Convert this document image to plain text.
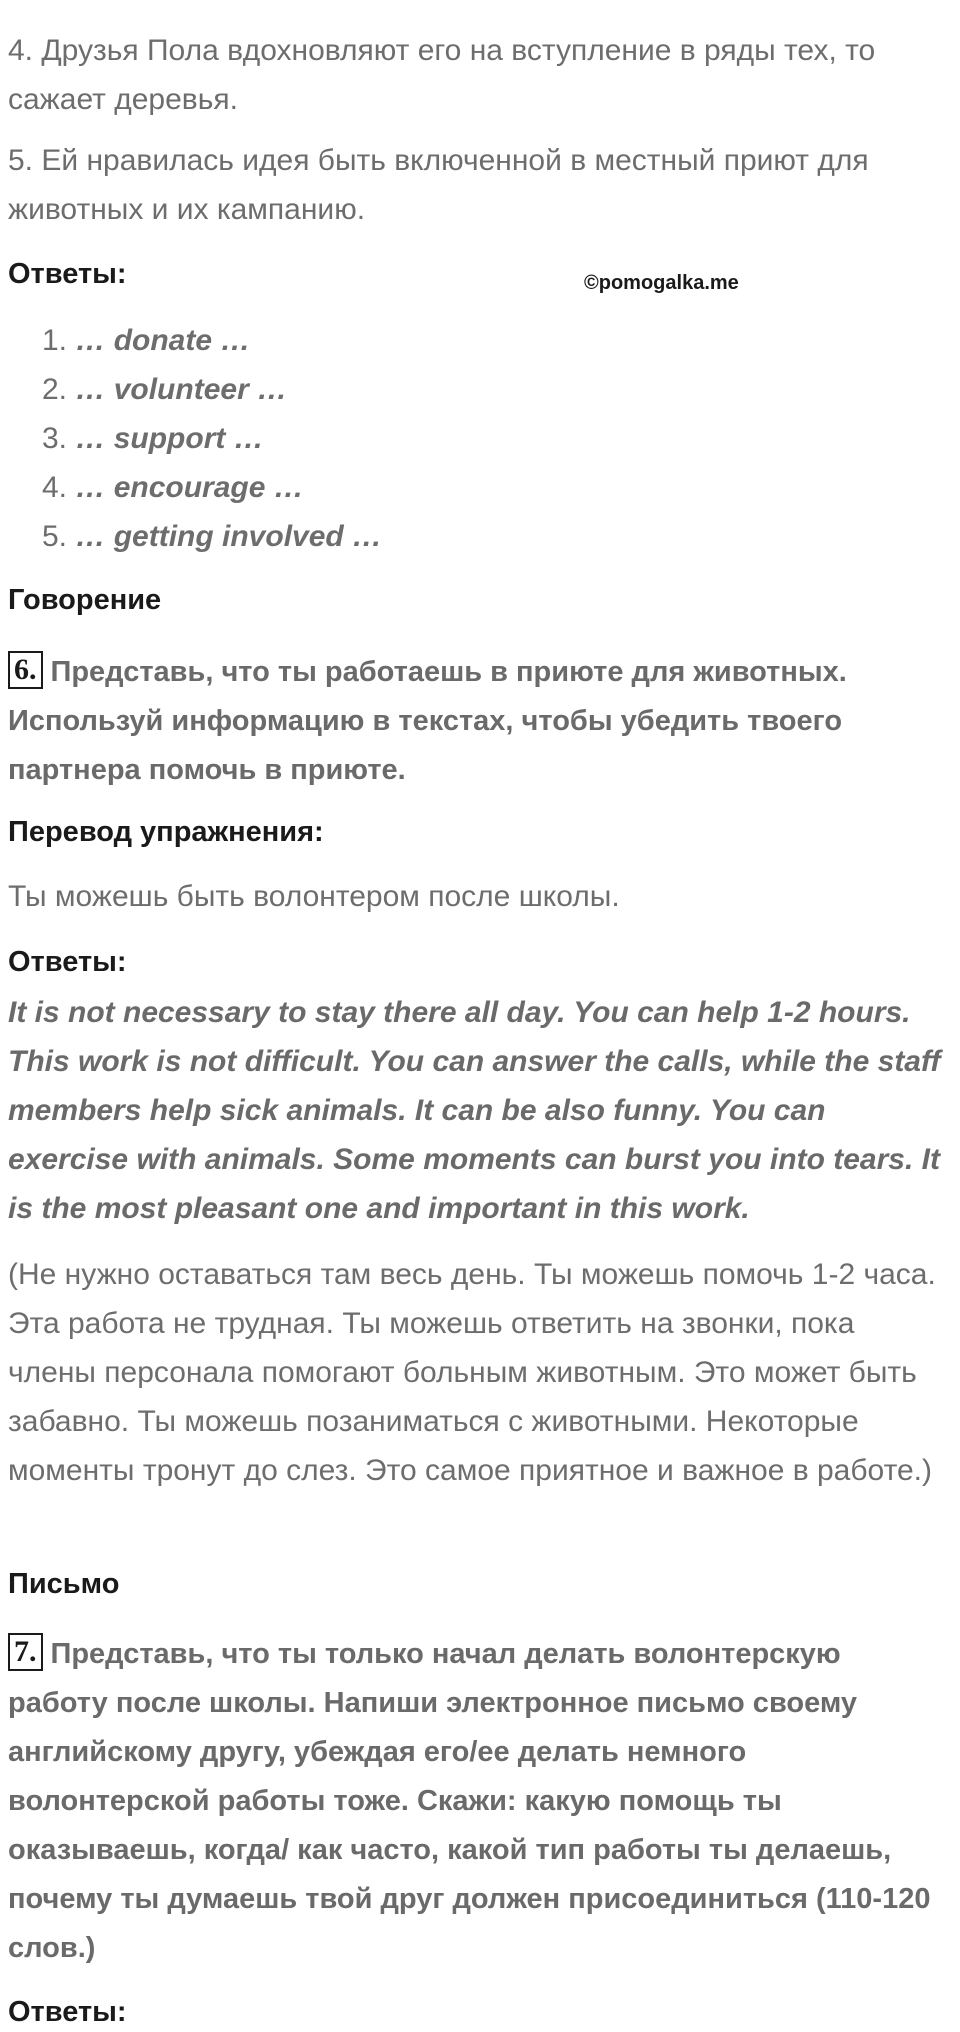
4. Друзья Пола вдохновляют его на вступление в ряды тех, то сажает деревья.

5. Ей нравилась идея быть включенной в местный приют для животных и их кампанию.

Ответы:	©pomogalka.me
1. … donate …
2. … volunteer …
3. … support …
4. … encourage …
5. … getting involved …

Говорение

6. Представь, что ты работаешь в приюте для животных. Используй информацию в текстах, чтобы убедить твоего партнера помочь в приюте.

Перевод упражнения:

Ты можешь быть волонтером после школы.

Ответы:

It is not necessary to stay there all day. You can help 1-2 hours. This work is not difficult. You can answer the calls, while the staff members help sick animals. It can be also funny. You can exercise with animals. Some moments can burst you into tears. It is the most pleasant one and important in this work.

(Не нужно оставаться там весь день. Ты можешь помочь 1-2 часа. Эта работа не трудная. Ты можешь ответить на звонки, пока члены персонала помогают больным животным. Это может быть забавно. Ты можешь позаниматься с животными. Некоторые моменты тронут до слез. Это самое приятное и важное в работе.)

Письмо

7. Представь, что ты только начал делать волонтерскую работу после школы. Напиши электронное письмо своему английскому другу, убеждая его/ее делать немного волонтерской работы тоже. Скажи: какую помощь ты оказываешь, когда/ как часто, какой тип работы ты делаешь, почему ты думаешь твой друг должен присоединиться (110-120 слов.)

Ответы:
